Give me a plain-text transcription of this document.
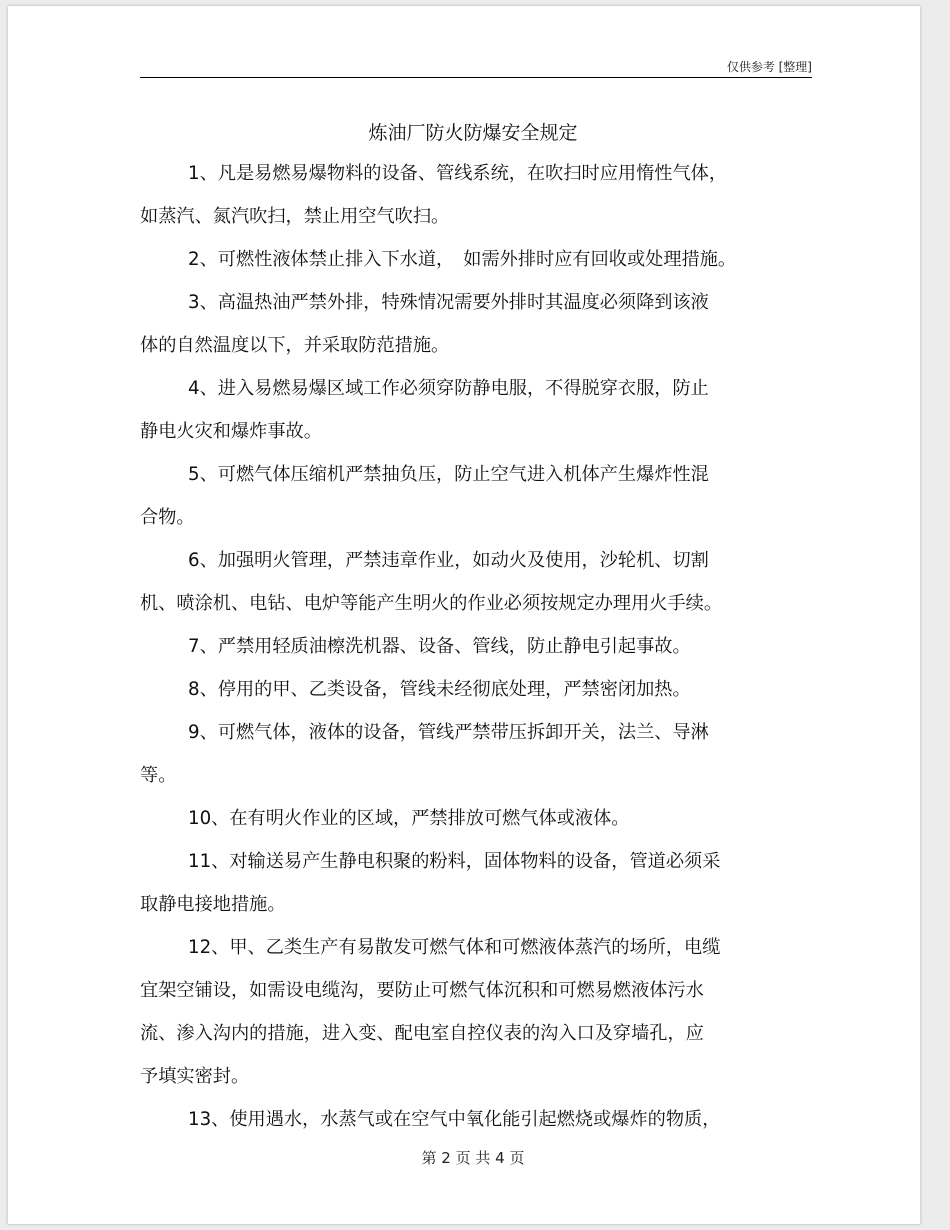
仅供参考 [整理]
炼油厂防火防爆安全规定

1、凡是易燃易爆物料的设备、管线系统，在吹扫时应用惰性气体，
如蒸汽、氮汽吹扫，禁止用空气吹扫。

2、可燃性液体禁止排入下水道，　如需外排时应有回收或处理措施。

3、高温热油严禁外排，特殊情况需要外排时其温度必须降到该液
体的自然温度以下，并采取防范措施。

4、进入易燃易爆区域工作必须穿防静电服，不得脱穿衣服，防止
静电火灾和爆炸事故。

5、可燃气体压缩机严禁抽负压，防止空气进入机体产生爆炸性混
合物。

6、加强明火管理，严禁违章作业，如动火及使用，沙轮机、切割
机、喷涂机、电钻、电炉等能产生明火的作业必须按规定办理用火手续。

7、严禁用轻质油檫洗机器、设备、管线，防止静电引起事故。

8、停用的甲、乙类设备，管线未经彻底处理，严禁密闭加热。

9、可燃气体，液体的设备，管线严禁带压拆卸开关，法兰、导淋
等。

10、在有明火作业的区域，严禁排放可燃气体或液体。

11、对输送易产生静电积聚的粉料，固体物料的设备，管道必须采
取静电接地措施。

12、甲、乙类生产有易散发可燃气体和可燃液体蒸汽的场所，电缆
宜架空铺设，如需设电缆沟，要防止可燃气体沉积和可燃易燃液体污水
流、渗入沟内的措施，进入变、配电室自控仪表的沟入口及穿墙孔，应
予填实密封。

13、使用遇水，水蒸气或在空气中氧化能引起燃烧或爆炸的物质，

第 2 页 共 4 页
